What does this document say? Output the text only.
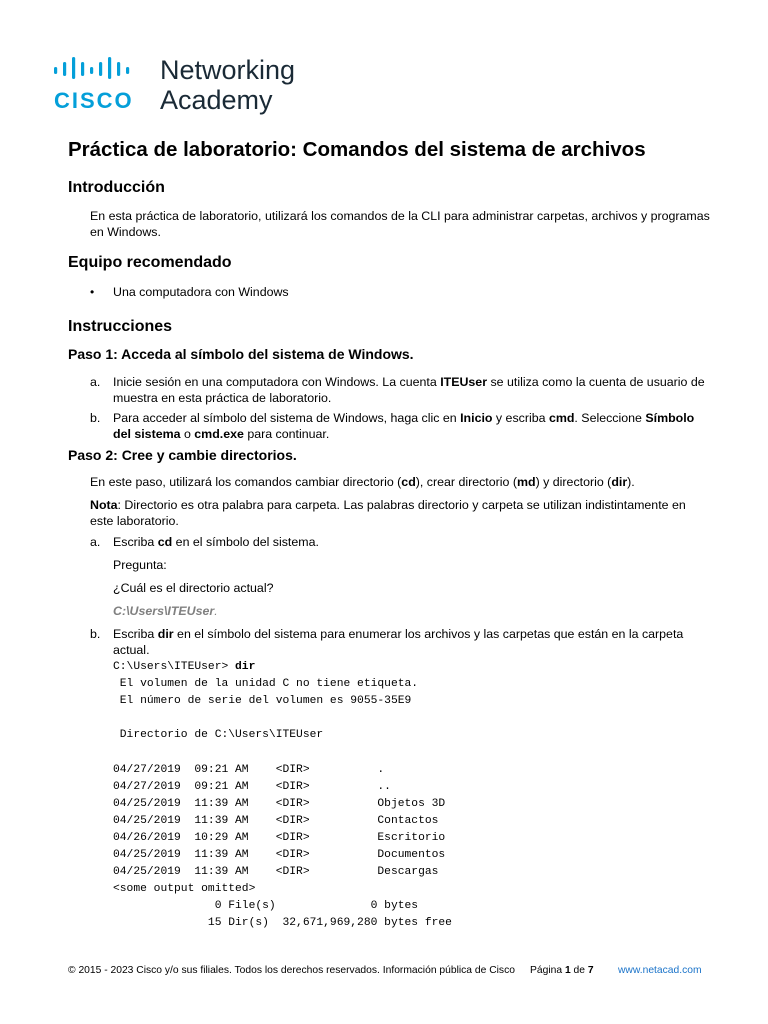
CISCO
Networking
Academy
Práctica de laboratorio: Comandos del sistema de archivos
Introducción

En esta práctica de laboratorio, utilizará los comandos de la CLI para administrar carpetas, archivos y programas en Windows.

Equipo recomendado
• Una computadora con Windows
Instrucciones
Paso 1: Acceda al símbolo del sistema de Windows.
a. Inicie sesión en una computadora con Windows. La cuenta ITEUser se utiliza como la cuenta de usuario de muestra en esta práctica de laboratorio.

b. Para acceder al símbolo del sistema de Windows, haga clic en Inicio y escriba cmd. Seleccione Símbolo del sistema o cmd.exe para continuar.

Paso 2: Cree y cambie directorios.

En este paso, utilizará los comandos cambiar directorio (cd), crear directorio (md) y directorio (dir).

Nota: Directorio es otra palabra para carpeta. Las palabras directorio y carpeta se utilizan indistintamente en este laboratorio.

a. Escriba cd en el símbolo del sistema.

Pregunta:

¿Cuál es el directorio actual?

C:\Users\ITEUser.

b. Escriba dir en el símbolo del sistema para enumerar los archivos y las carpetas que están en la carpeta actual.

C:\Users\ITEUser> dir
El volumen de la unidad C no tiene etiqueta.
El número de serie del volumen es 9055-35E9

Directorio de C:\Users\ITEUser

04/27/2019  09:21 AM    <DIR>          .
04/27/2019  09:21 AM    <DIR>          ..
04/25/2019  11:39 AM    <DIR>          Objetos 3D
04/25/2019  11:39 AM    <DIR>          Contactos
04/26/2019  10:29 AM    <DIR>          Escritorio
04/25/2019  11:39 AM    <DIR>          Documentos
04/25/2019  11:39 AM    <DIR>          Descargas
<some output omitted>
0 File(s)              0 bytes
15 Dir(s)  32,671,969,280 bytes free
© 2015 - 2023 Cisco y/o sus filiales. Todos los derechos reservados. Información pública de Cisco Página 1 de 7 www.netacad.com
